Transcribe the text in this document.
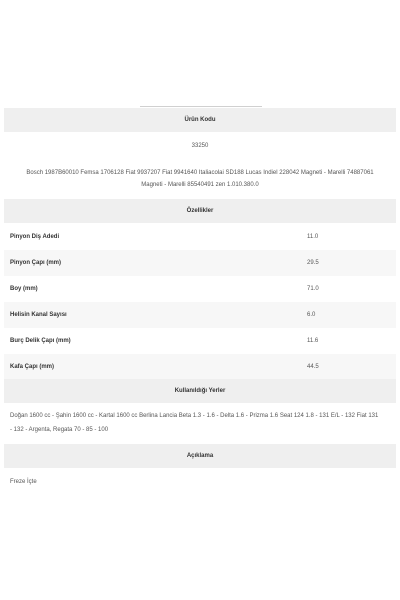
Ürün Kodu
33250
Bosch 1987B60010 Femsa 1706128 Fiat 9937207 Fiat 9941640 Italiacolai SD188 Lucas Indiel 228042 Magneti - Marelli 74887061
Magneti - Marelli 85540491 zen 1.010.380.0
Özellikler
Pinyon Diş Adedi	11.0
Pinyon Çapı (mm)	29.5
Boy (mm)	71.0
Helisin Kanal Sayısı	6.0
Burç Delik Çapı (mm)	11.6
Kafa Çapı (mm)	44.5
Kullanıldığı Yerler
Doğan 1600 cc - Şahin 1600 cc - Kartal 1600 cc Berlina Lancia Beta 1.3 - 1.6 - Delta 1.6 - Prizma 1.6 Seat 124 1.8 - 131 E/L - 132 Fiat 131
- 132 - Argenta, Regata 70 - 85 - 100
Açıklama
Freze İçte
